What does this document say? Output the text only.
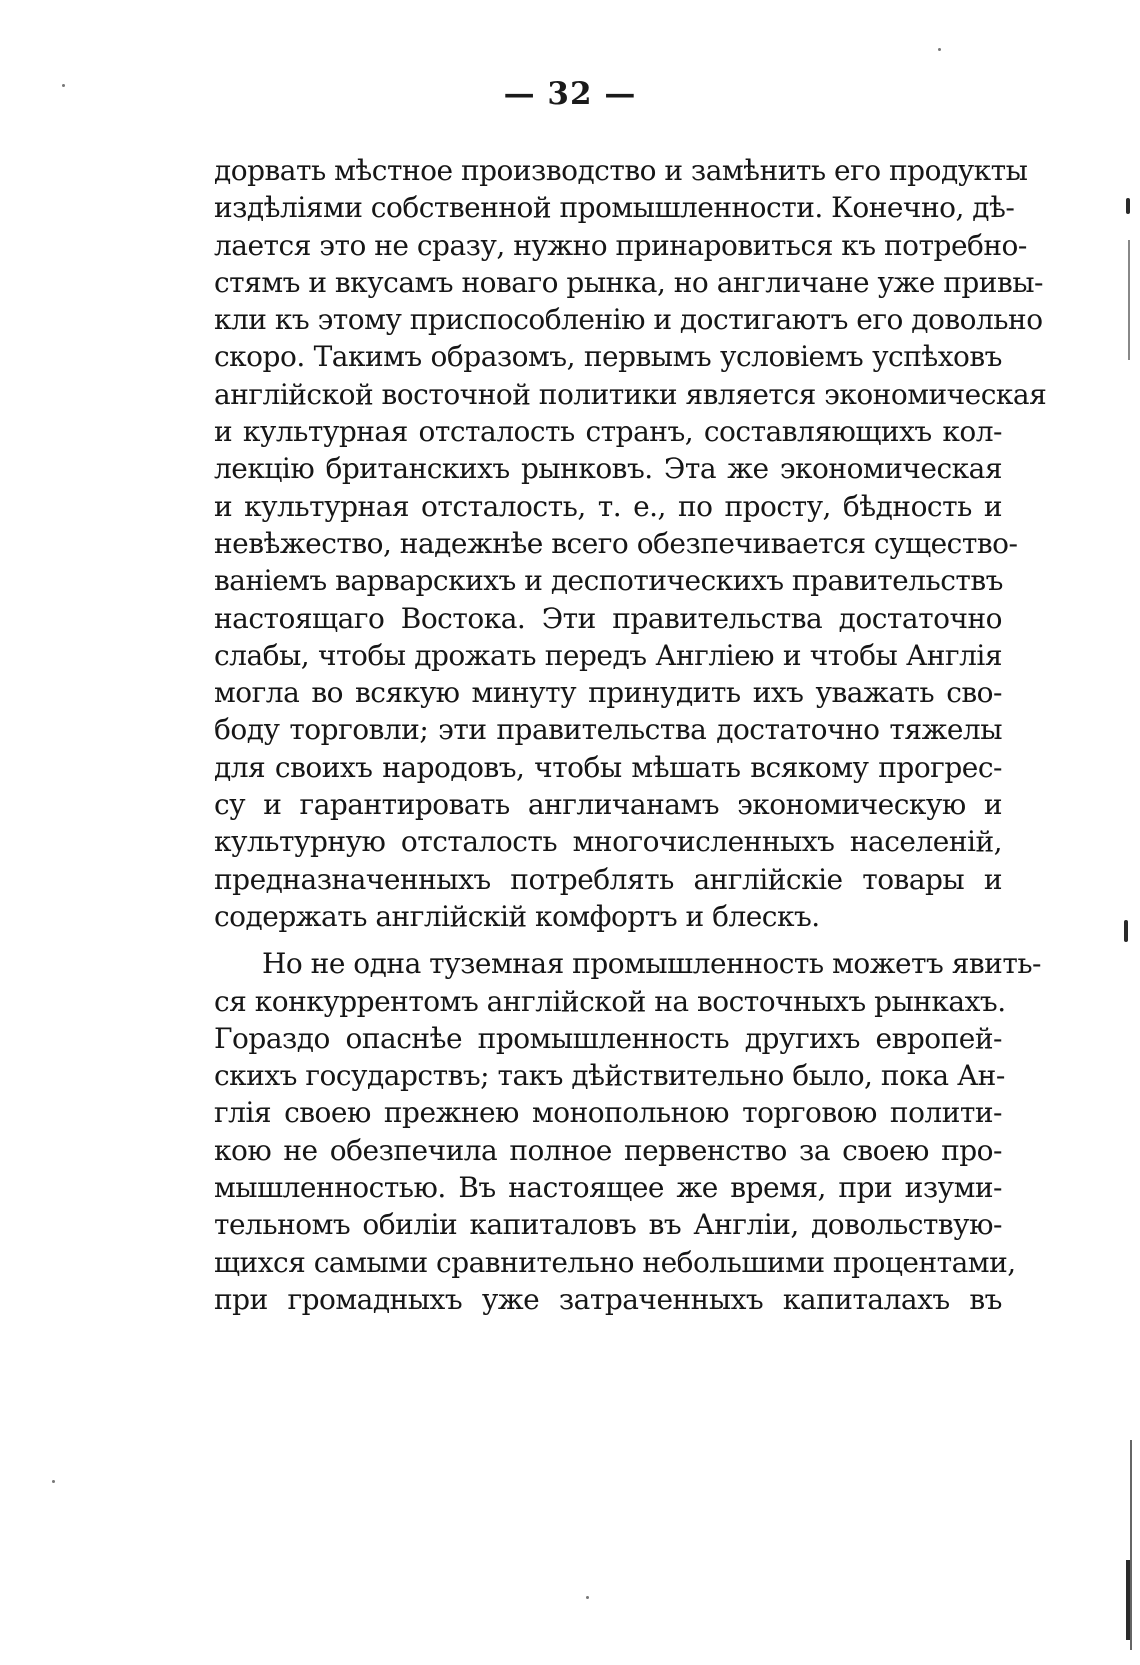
— 32 —
дорвать мѣстное производство и замѣнить его продукты
издѣліями собственной промышленности. Конечно, дѣ-
лается это не сразу, нужно принаровиться къ потребно-
стямъ и вкусамъ новаго рынка, но англичане уже привы-
кли къ этому приспособленію и достигаютъ его довольно
скоро. Такимъ образомъ, первымъ условіемъ успѣховъ
англійской восточной политики является экономическая
и культурная отсталость странъ, составляющихъ кол-
лекцію британскихъ рынковъ. Эта же экономическая
и культурная отсталость, т. е., по просту, бѣдность и
невѣжество, надежнѣе всего обезпечивается существо-
ваніемъ варварскихъ и деспотическихъ правительствъ
настоящаго Востока. Эти правительства достаточно
слабы, чтобы дрожать передъ Англіею и чтобы Англія
могла во всякую минуту принудить ихъ уважать сво-
боду торговли; эти правительства достаточно тяжелы
для своихъ народовъ, чтобы мѣшать всякому прогрес-
су и гарантировать англичанамъ экономическую и
культурную отсталость многочисленныхъ населеній,
предназначенныхъ потреблять англійскіе товары и
содержать англійскій комфортъ и блескъ.
Но не одна туземная промышленность можетъ явить-
ся конкуррентомъ англійской на восточныхъ рынкахъ.
Гораздо опаснѣе промышленность другихъ европей-
скихъ государствъ; такъ дѣйствительно было, пока Ан-
глія своею прежнею монопольною торговою полити-
кою не обезпечила полное первенство за своею про-
мышленностью. Въ настоящее же время, при изуми-
тельномъ обиліи капиталовъ въ Англіи, довольствую-
щихся самыми сравнительно небольшими процентами,
при громадныхъ уже затраченныхъ капиталахъ въ
